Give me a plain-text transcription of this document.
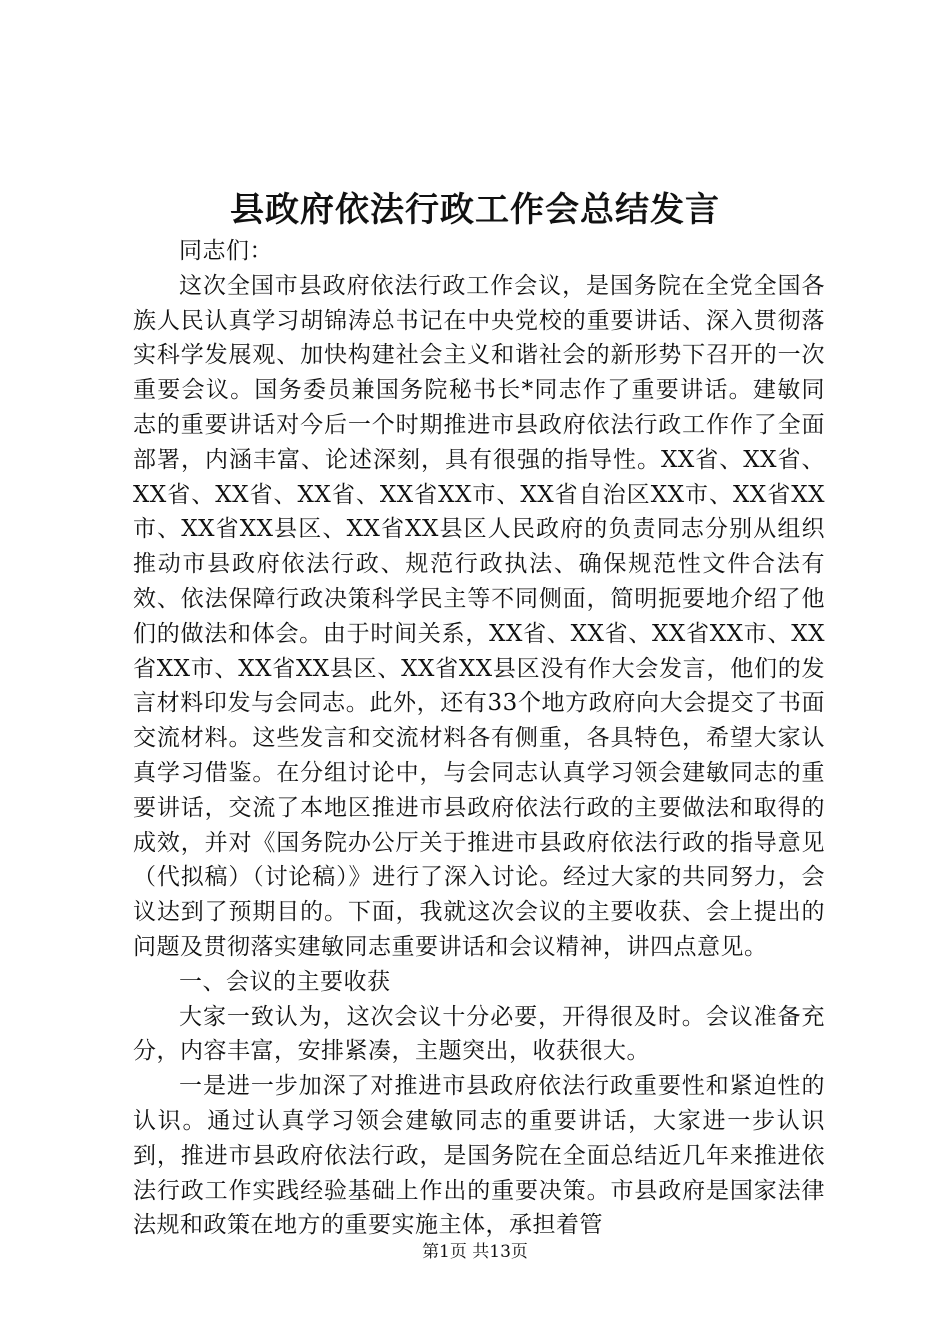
县政府依法行政工作会总结发言

同志们：

这次全国市县政府依法行政工作会议，是国务院在全党全国各族人民认真学习胡锦涛总书记在中央党校的重要讲话、深入贯彻落实科学发展观、加快构建社会主义和谐社会的新形势下召开的一次重要会议。国务委员兼国务院秘书长*同志作了重要讲话。建敏同志的重要讲话对今后一个时期推进市县政府依法行政工作作了全面部署，内涵丰富、论述深刻，具有很强的指导性。XX省、XX省、XX省、XX省、XX省、XX省XX市、XX省自治区XX市、XX省XX市、XX省XX县区、XX省XX县区人民政府的负责同志分别从组织推动市县政府依法行政、规范行政执法、确保规范性文件合法有效、依法保障行政决策科学民主等不同侧面，简明扼要地介绍了他们的做法和体会。由于时间关系，XX省、XX省、XX省XX市、XX省XX市、XX省XX县区、XX省XX县区没有作大会发言，他们的发言材料印发与会同志。此外，还有33个地方政府向大会提交了书面交流材料。这些发言和交流材料各有侧重，各具特色，希望大家认真学习借鉴。在分组讨论中，与会同志认真学习领会建敏同志的重要讲话，交流了本地区推进市县政府依法行政的主要做法和取得的成效，并对《国务院办公厅关于推进市县政府依法行政的指导意见（代拟稿）（讨论稿）》进行了深入讨论。经过大家的共同努力，会议达到了预期目的。下面，我就这次会议的主要收获、会上提出的问题及贯彻落实建敏同志重要讲话和会议精神，讲四点意见。

一、会议的主要收获

大家一致认为，这次会议十分必要，开得很及时。会议准备充分，内容丰富，安排紧凑，主题突出，收获很大。

一是进一步加深了对推进市县政府依法行政重要性和紧迫性的认识。通过认真学习领会建敏同志的重要讲话，大家进一步认识到，推进市县政府依法行政，是国务院在全面总结近几年来推进依法行政工作实践经验基础上作出的重要决策。市县政府是国家法律法规和政策在地方的重要实施主体，承担着管

第1页 共13页
